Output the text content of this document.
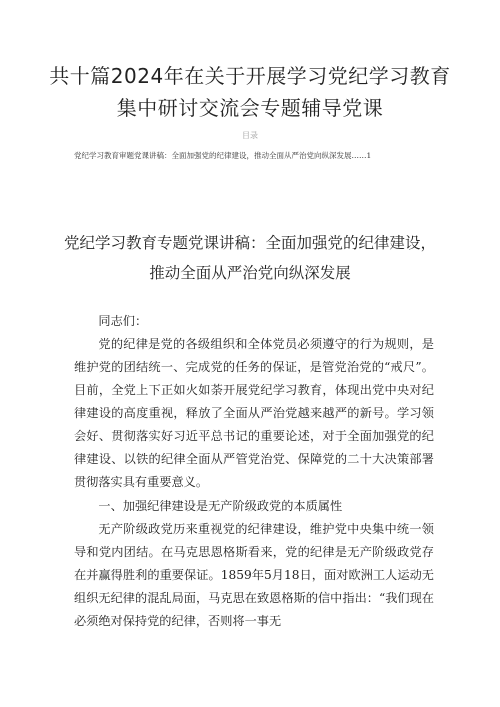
共十篇2024年在关于开展学习党纪学习教育集中研讨交流会专题辅导党课
目录
党纪学习教育审题党课讲稿：全面加强党的纪律建设，推动全面从严治党向纵深发展……1
党纪学习教育专题党课讲稿：全面加强党的纪律建设，推动全面从严治党向纵深发展
同志们：
党的纪律是党的各级组织和全体党员必须遵守的行为规则，是维护党的团结统一、完成党的任务的保证，是管党治党的“戒尺”。目前，全党上下正如火如荼开展党纪学习教育，体现出党中央对纪律建设的高度重视，释放了全面从严治党越来越严的新号。学习领会好、贯彻落实好习近平总书记的重要论述，对于全面加强党的纪律建设、以铁的纪律全面从严管党治党、保障党的二十大决策部署贯彻落实具有重要意义。
一、加强纪律建设是无产阶级政党的本质属性
无产阶级政党历来重视党的纪律建设，维护党中央集中统一领导和党内团结。在马克思恩格斯看来，党的纪律是无产阶级政党存在并赢得胜利的重要保证。1859年5月18日，面对欧洲工人运动无组织无纪律的混乱局面，马克思在致恩格斯的信中指出：“我们现在必须绝对保持党的纪律，否则将一事无
